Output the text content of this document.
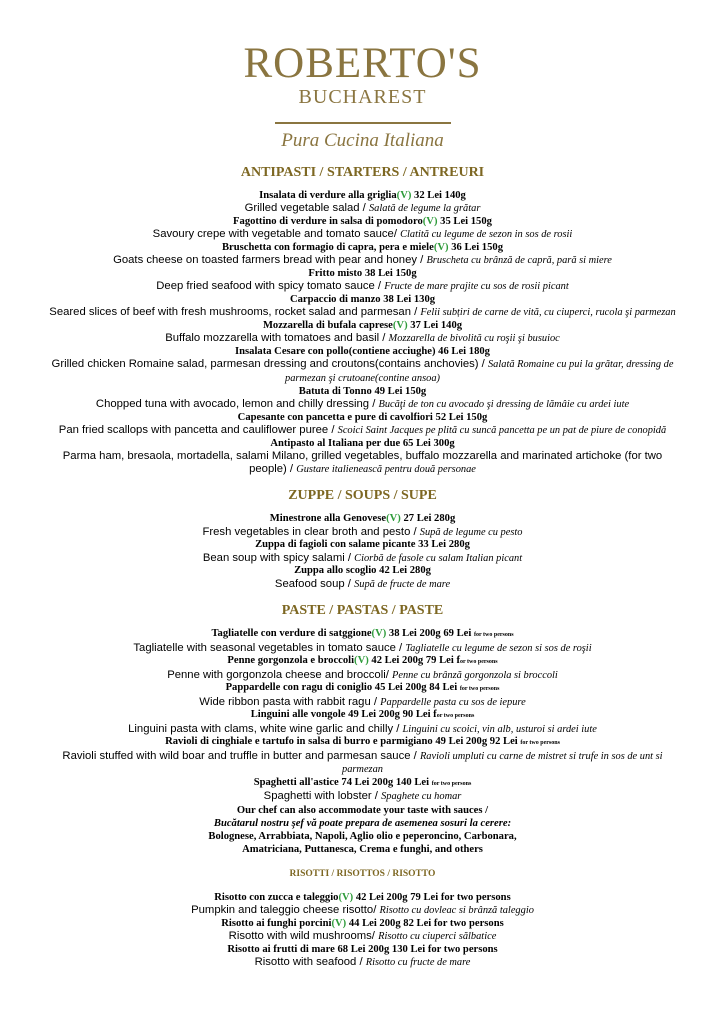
ROBERTO'S
BUCHAREST
Pura Cucina Italiana
ANTIPASTI / STARTERS / ANTREURI
Insalata di verdure alla griglia(V) 32 Lei 140g
Grilled vegetable salad / Salată de legume la grătar
Fagottino di verdure in salsa di pomodoro(V) 35 Lei 150g
Savoury crepe with vegetable and tomato sauce/ Clatită cu legume de sezon in sos de rosii
Bruschetta con formagio di capra, pera e miele(V) 36 Lei 150g
Goats cheese on toasted farmers bread with pear and honey / Bruscheta cu brânză de capră, pară si miere
Fritto misto 38 Lei 150g
Deep fried seafood with spicy tomato sauce / Fructe de mare prajite cu sos de rosii picant
Carpaccio di manzo 38 Lei 130g
Seared slices of beef with fresh mushrooms, rocket salad and parmesan / Felii subțiri de carne de vită, cu ciuperci, rucola şi parmezan
Mozzarella di bufala caprese(V) 37 Lei 140g
Buffalo mozzarella with tomatoes and basil / Mozzarella de bivolită cu roşii şi busuioc
Insalata Cesare con pollo(contiene acciughe) 46 Lei 180g
Grilled chicken Romaine salad, parmesan dressing and croutons(contains anchovies) / Salată Romaine cu pui la grătar, dressing de parmezan şi crutoane(contine ansoa)
Batuta di Tonno 49 Lei 150g
Chopped tuna with avocado, lemon and chilly dressing / Bucăţi de ton cu avocado şi dressing de lămâie cu ardei iute
Capesante con pancetta e pure di cavolfiori 52 Lei 150g
Pan fried scallops with pancetta and cauliflower puree / Scoici Saint Jacques pe plită cu suncă pancetta pe un pat de piure de conopidă
Antipasto al Italiana per due 65 Lei 300g
Parma ham, bresaola, mortadella, salami Milano, grilled vegetables, buffalo mozzarella and marinated artichoke (for two people) / Gustare italienească pentru două personae
ZUPPE / SOUPS / SUPE
Minestrone alla Genovese(V) 27 Lei 280g
Fresh vegetables in clear broth and pesto / Supă de legume cu pesto
Zuppa di fagioli con salame picante 33 Lei 280g
Bean soup with spicy salami / Ciorbă de fasole cu salam Italian picant
Zuppa allo scoglio 42 Lei 280g
Seafood soup / Supă de fructe de mare
PASTE / PASTAS / PASTE
Tagliatelle con verdure di satggione(V) 38 Lei 200g 69 Lei for two persons
Tagliatelle with seasonal vegetables in tomato sauce / Tagliatelle cu legume de sezon si sos de roşii
Penne gorgonzola e broccoli(V) 42 Lei 200g 79 Lei for two persons
Penne with gorgonzola cheese and broccoli/ Penne cu brânză gorgonzola si broccoli
Pappardelle con ragu di coniglio 45 Lei 200g 84 Lei for two persons
Wide ribbon pasta with rabbit ragu / Pappardelle pasta cu sos de iepure
Linguini alle vongole 49 Lei 200g 90 Lei for two persons
Linguini pasta with clams, white wine garlic and chilly / Linguini cu scoici, vin alb, usturoi si ardei iute
Ravioli di cinghiale e tartufo in salsa di burro e parmigiano 49 Lei 200g 92 Lei for two persons
Ravioli stuffed with wild boar and truffle in butter and parmesan sauce / Ravioli umpluti cu carne de mistret si trufe in sos de unt si parmezan
Spaghetti all'astice 74 Lei 200g 140 Lei for two persons
Spaghetti with lobster / Spaghete cu homar
Our chef can also accommodate your taste with sauces /
Bucătarul nostru şef vă poate prepara de asemenea sosuri la cerere:
Bolognese, Arrabbiata, Napoli, Aglio olio e peperoncino, Carbonara,
Amatriciana, Puttanesca, Crema e funghi, and others
RISOTTI / RISOTTOS / RISOTTO
Risotto con zucca e taleggio(V) 42 Lei 200g 79 Lei for two persons
Pumpkin and taleggio cheese risotto/ Risotto cu dovleac si brânză taleggio
Risotto ai funghi porcini(V) 44 Lei 200g 82 Lei for two persons
Risotto with wild mushrooms/ Risotto cu ciuperci sălbatice
Risotto ai frutti di mare 68 Lei 200g 130 Lei for two persons
Risotto with seafood / Risotto cu fructe de mare
